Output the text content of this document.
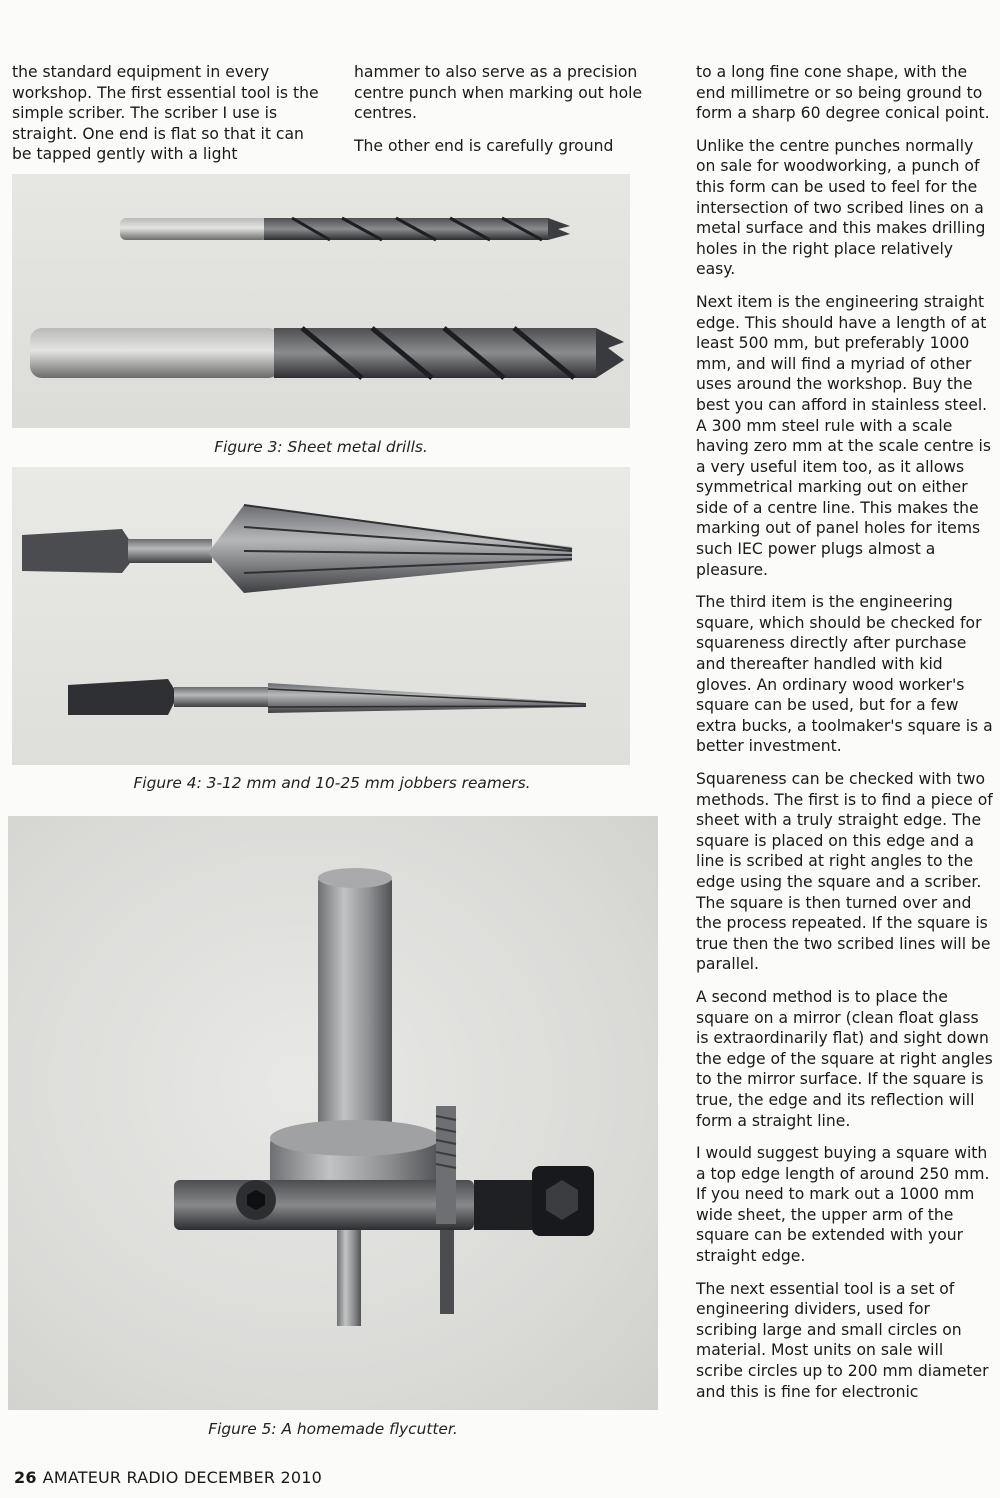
the standard equipment in every workshop. The first essential tool is the simple scriber. The scriber I use is straight. One end is flat so that it can be tapped gently with a light

hammer to also serve as a precision centre punch when marking out hole centres.

The other end is carefully ground

to a long fine cone shape, with the end millimetre or so being ground to form a sharp 60 degree conical point.

Unlike the centre punches normally on sale for woodworking, a punch of this form can be used to feel for the intersection of two scribed lines on a metal surface and this makes drilling holes in the right place relatively easy.

Next item is the engineering straight edge. This should have a length of at least 500 mm, but preferably 1000 mm, and will find a myriad of other uses around the workshop. Buy the best you can afford in stainless steel. A 300 mm steel rule with a scale having zero mm at the scale centre is a very useful item too, as it allows symmetrical marking out on either side of a centre line. This makes the marking out of panel holes for items such IEC power plugs almost a pleasure.

The third item is the engineering square, which should be checked for squareness directly after purchase and thereafter handled with kid gloves. An ordinary wood worker's square can be used, but for a few extra bucks, a toolmaker's square is a better investment.

Squareness can be checked with two methods. The first is to find a piece of sheet with a truly straight edge. The square is placed on this edge and a line is scribed at right angles to the edge using the square and a scriber. The square is then turned over and the process repeated. If the square is true then the two scribed lines will be parallel.

A second method is to place the square on a mirror (clean float glass is extraordinarily flat) and sight down the edge of the square at right angles to the mirror surface. If the square is true, the edge and its reflection will form a straight line.

I would suggest buying a square with a top edge length of around 250 mm. If you need to mark out a 1000 mm wide sheet, the upper arm of the square can be extended with your straight edge.

The next essential tool is a set of engineering dividers, used for scribing large and small circles on material. Most units on sale will scribe circles up to 200 mm diameter and this is fine for electronic

Figure 3: Sheet metal drills.
Figure 4: 3-12 mm and 10-25 mm jobbers reamers.
Figure 5: A homemade flycutter.
26 AMATEUR RADIO DECEMBER 2010
